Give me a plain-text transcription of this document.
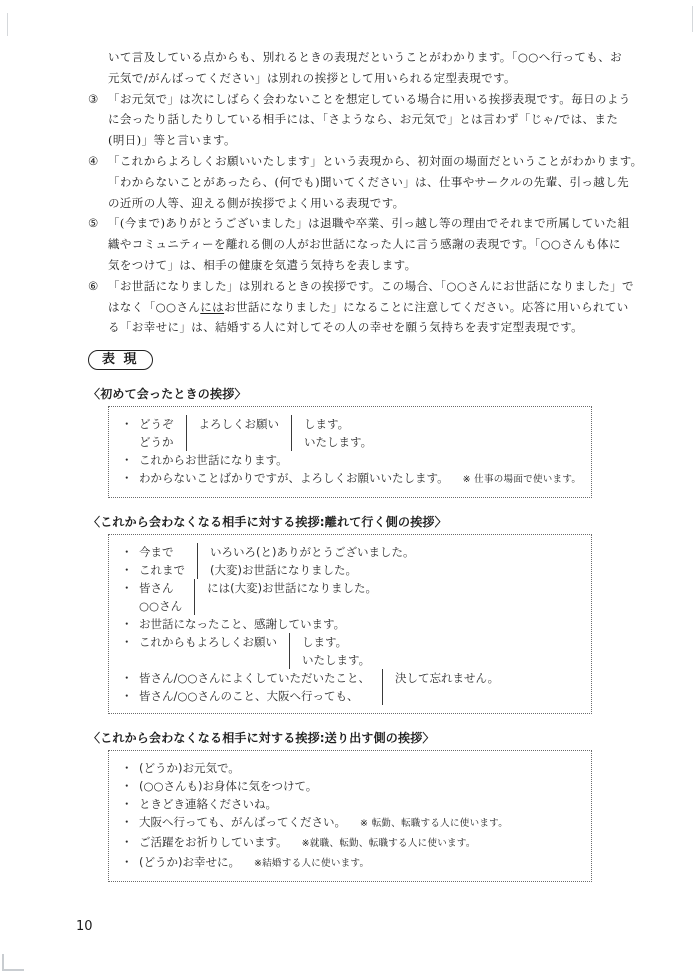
いて言及している点からも、別れるときの表現だということがわかります。「○○へ行っても、お
元気で/がんばってください」は別れの挨拶として用いられる定型表現です。
③ 「お元気で」は次にしばらく会わないことを想定している場合に用いる挨拶表現です。毎日のよう
に会ったり話したりしている相手には、「さようなら、お元気で」とは言わず「じゃ/では、また
(明日)」等と言います。
④ 「これからよろしくお願いいたします」という表現から、初対面の場面だということがわかります。
「わからないことがあったら、(何でも)聞いてください」は、仕事やサークルの先輩、引っ越し先
の近所の人等、迎える側が挨拶でよく用いる表現です。
⑤ 「(今まで)ありがとうございました」は退職や卒業、引っ越し等の理由でそれまで所属していた組
織やコミュニティーを離れる側の人がお世話になった人に言う感謝の表現です。「○○さんも体に
気をつけて」は、相手の健康を気遣う気持ちを表します。
⑥ 「お世話になりました」は別れるときの挨拶です。この場合、「○○さんにお世話になりました」で
はなく「○○さんにはお世話になりました」になることに注意してください。応答に用いられてい
る「お幸せに」は、結婚する人に対してその人の幸せを願う気持ちを表す定型表現です。
表 現
〈初めて会ったときの挨拶〉
・ どうぞ	よろしくお願い	します。
どうか	いたします。
・ これからお世話になります。
・ わからないことばかりですが、よろしくお願いいたします。 ※ 仕事の場面で使います。
〈これから会わなくなる相手に対する挨拶:離れて行く側の挨拶〉
・ 今まで	いろいろ(と)ありがとうございました。
・ これまで	(大変)お世話になりました。
・ 皆さん	には(大変)お世話になりました。
○○さん
・ お世話になったこと、感謝しています。
・ これからもよろしくお願い	します。
いたします。
・ 皆さん/○○さんによくしていただいたこと、	決して忘れません。
・ 皆さん/○○さんのこと、大阪へ行っても、
〈これから会わなくなる相手に対する挨拶:送り出す側の挨拶〉
・ (どうか)お元気で。
・ (○○さんも)お身体に気をつけて。
・ ときどき連絡くださいね。
・ 大阪へ行っても、がんばってください。 ※ 転勤、転職する人に使います。
・ ご活躍をお祈りしています。 ※就職、転勤、転職する人に使います。
・ (どうか)お幸せに。 ※結婚する人に使います。
10
